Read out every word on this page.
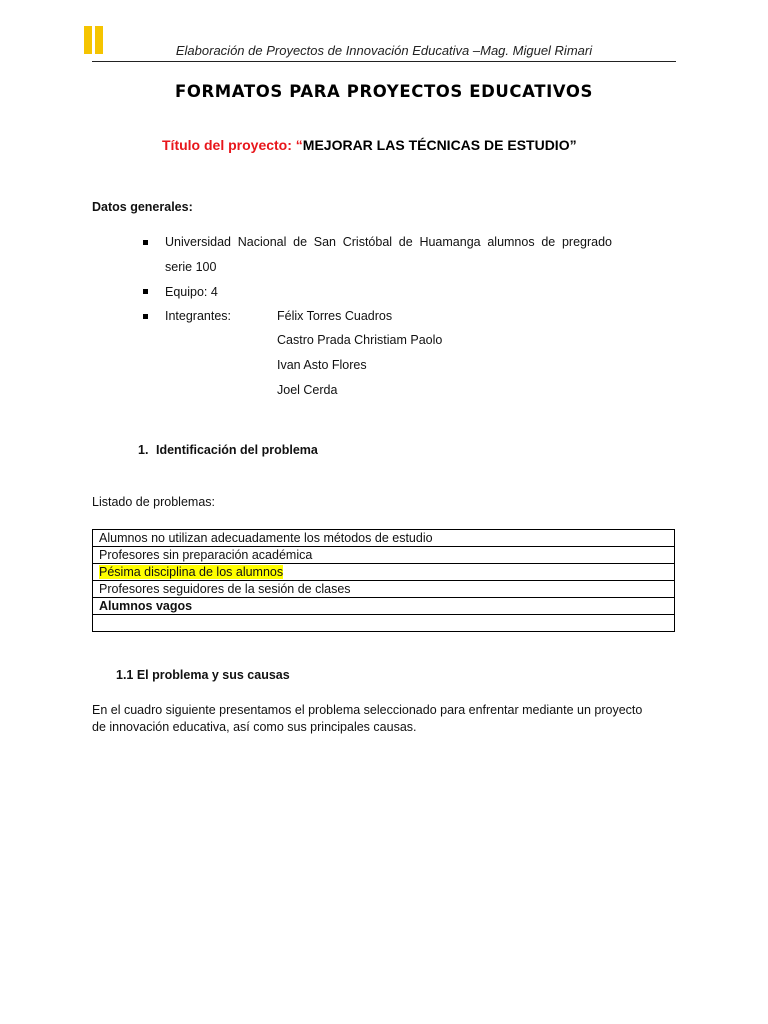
Elaboración de Proyectos de Innovación Educativa –Mag. Miguel Rimari
FORMATOS PARA PROYECTOS EDUCATIVOS
Título del proyecto: “MEJORAR LAS TÉCNICAS DE ESTUDIO”
Datos generales:
Universidad Nacional de San Cristóbal de Huamanga alumnos de pregrado
serie 100
Equipo: 4
Integrantes:	Félix Torres Cuadros
Castro Prada Christiam Paolo
Ivan Asto Flores
Joel Cerda
1. Identificación del problema
Listado de problemas:
Alumnos no utilizan adecuadamente los métodos de estudio
Profesores sin preparación académica
Pésima disciplina de los alumnos
Profesores seguidores de la sesión de clases
Alumnos vagos

1.1 El problema y sus causas
En el cuadro siguiente presentamos el problema seleccionado para enfrentar mediante un proyecto
de innovación educativa, así como sus principales causas.
